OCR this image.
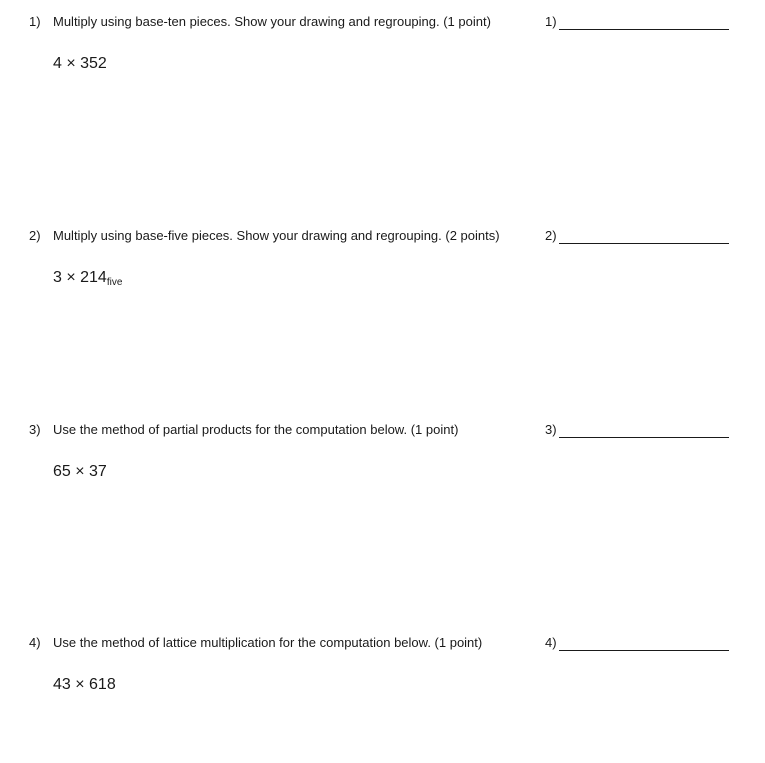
1) Multiply using base-ten pieces. Show your drawing and regrouping. (1 point)	1)
4 × 352
2) Multiply using base-five pieces. Show your drawing and regrouping. (2 points)	2)
$3 \times 214_{five}$
3) Use the method of partial products for the computation below. (1 point)	3)
65 × 37
4) Use the method of lattice multiplication for the computation below. (1 point)	4)
43 × 618
